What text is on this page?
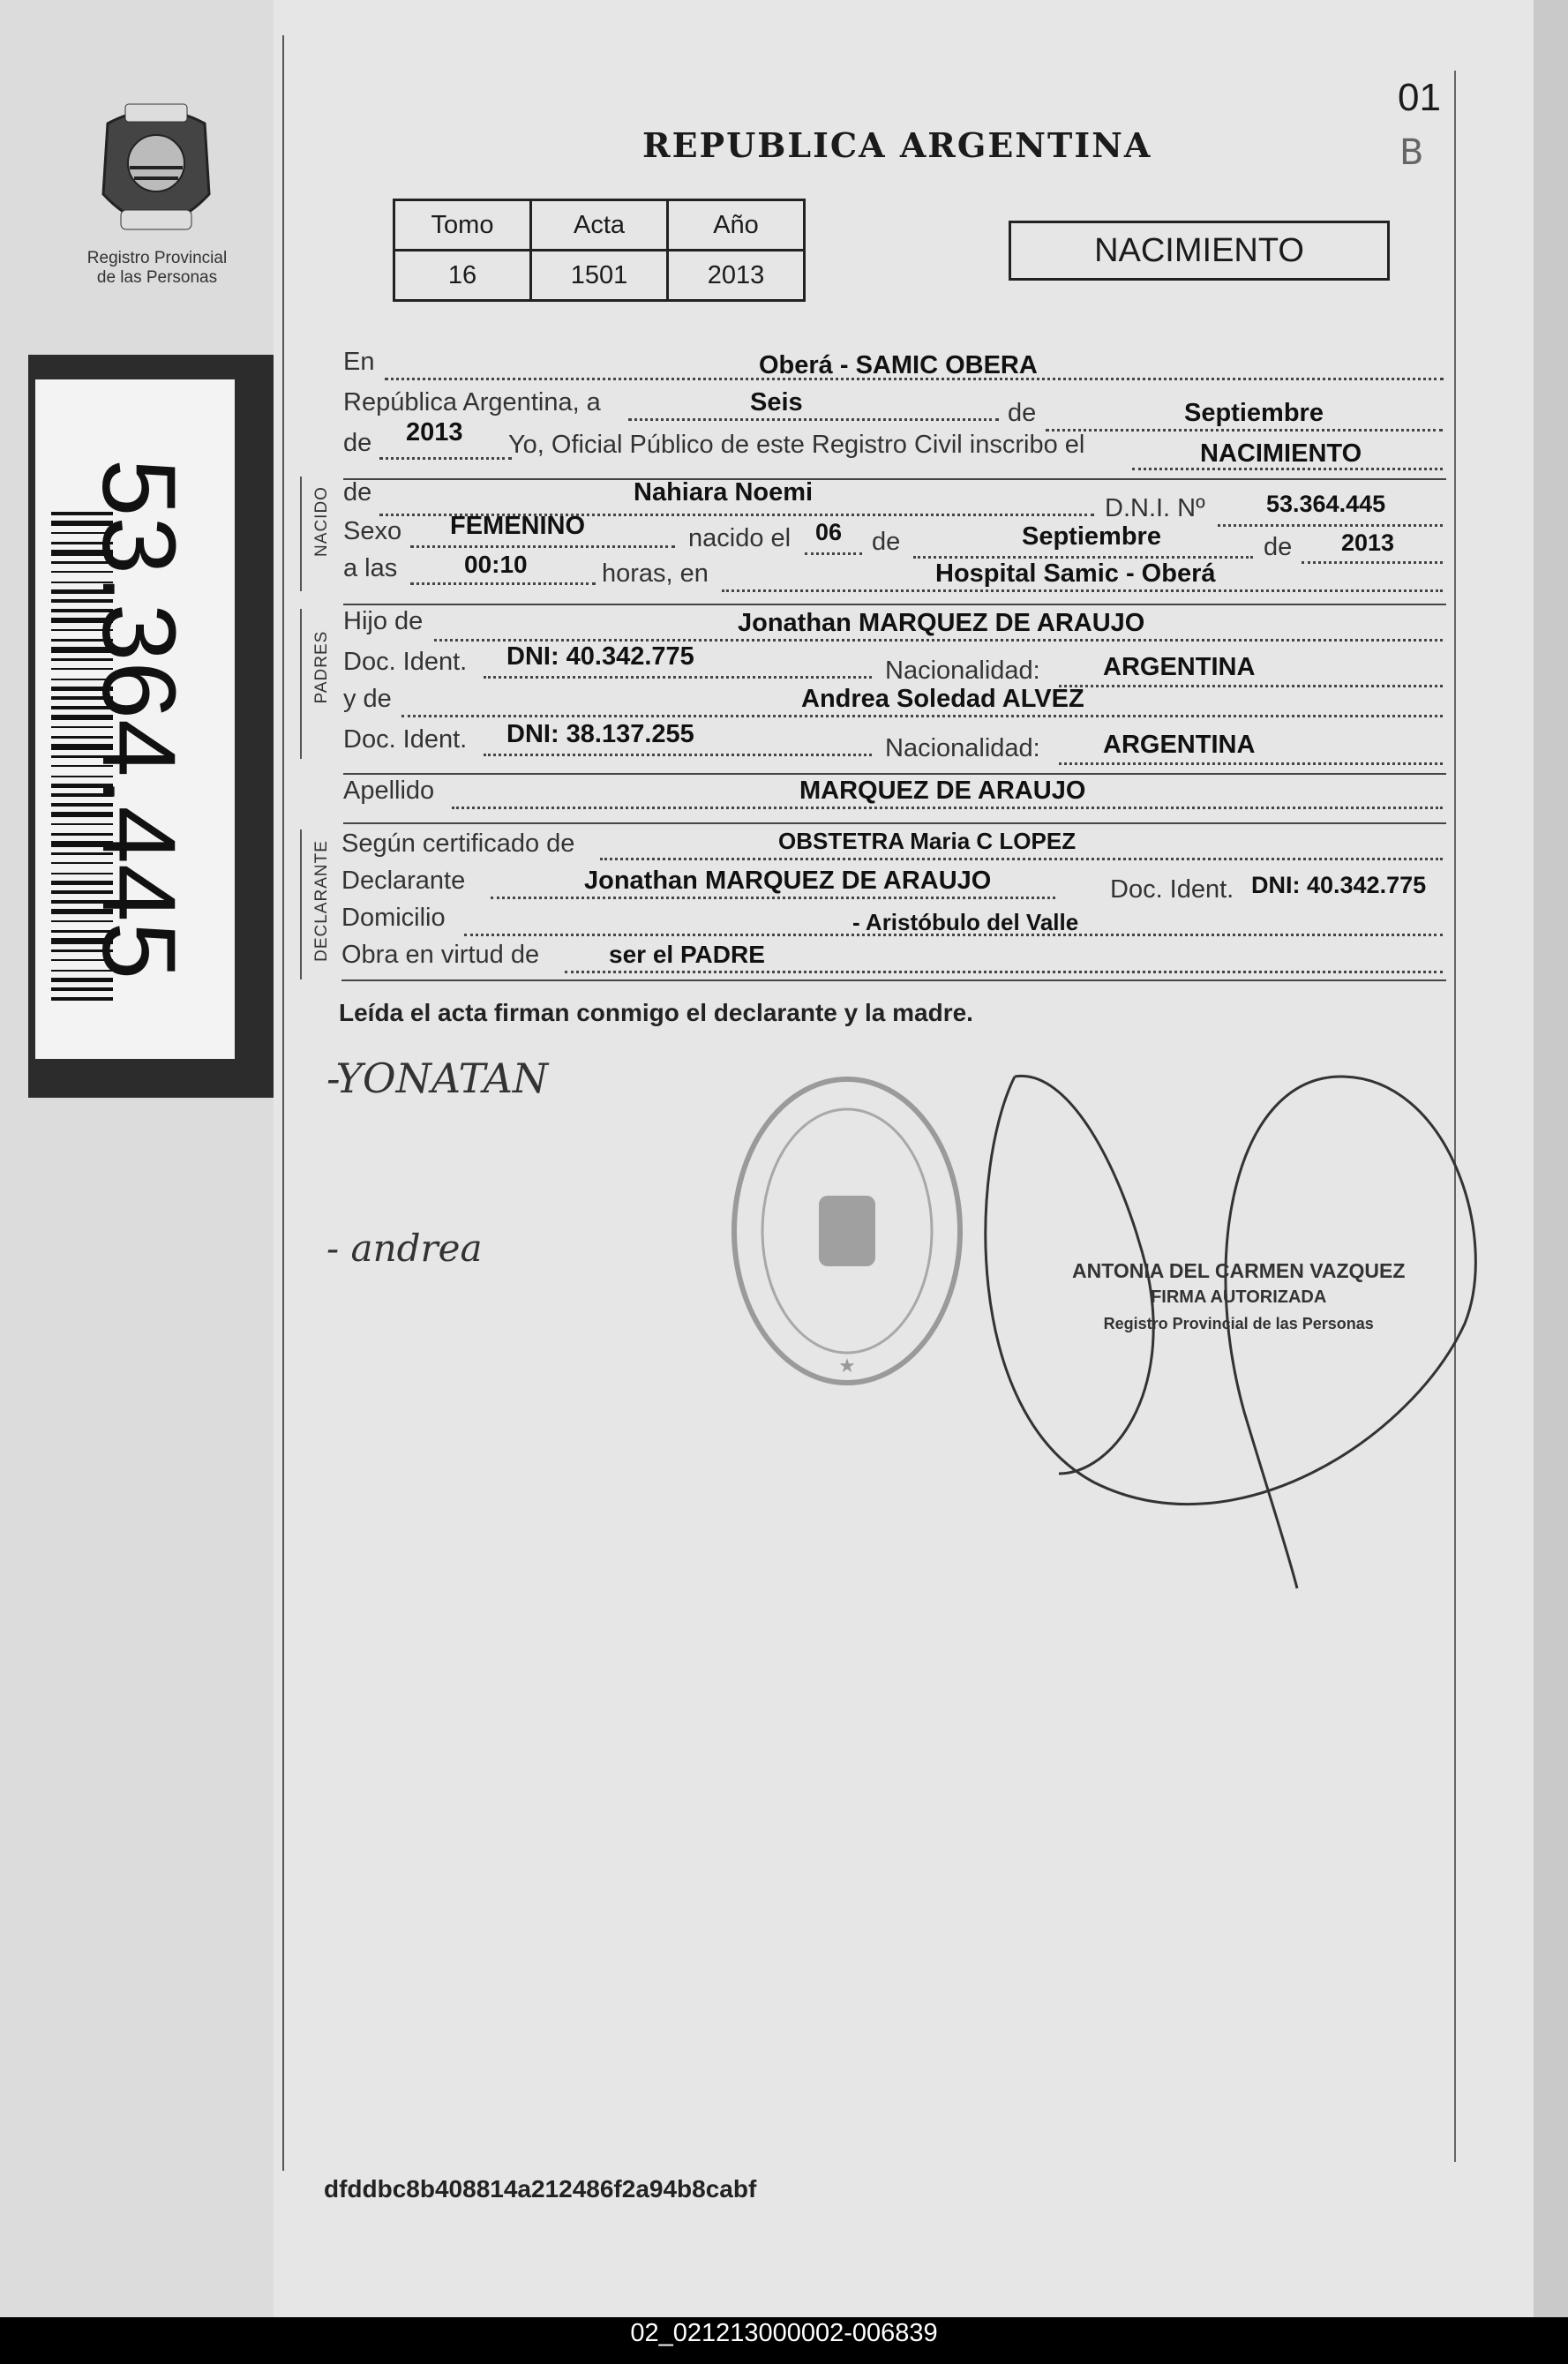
Registro Provincial
de las Personas
53.364.445
REPUBLICA ARGENTINA
01
B
Tomo	Acta	Año
16	1501	2013
NACIMIENTO
NACIDO
PADRES
DECLARANTE
En	Oberá - SAMIC OBERA
República Argentina, a	Seis	de	Septiembre
de 2013 Yo, Oficial Público de este Registro Civil inscribo el	NACIMIENTO
de	Nahiara Noemi
D.N.I. Nº	53.364.445
Sexo FEMENINO	nacido el 06 de	Septiembre	de 2013
a las	00:10	horas, en	Hospital Samic - Oberá
Hijo de	Jonathan MARQUEZ DE ARAUJO
Doc. Ident. DNI: 40.342.775	Nacionalidad: ARGENTINA
y de	Andrea Soledad ALVEZ
Doc. Ident. DNI: 38.137.255	Nacionalidad: ARGENTINA
Apellido	MARQUEZ DE ARAUJO
Según certificado de	OBSTETRA Maria C LOPEZ
Declarante	Jonathan MARQUEZ DE ARAUJO	Doc. Ident. DNI: 40.342.775
Domicilio	- Aristóbulo del Valle
Obra en virtud de	ser el PADRE
Leída el acta firman conmigo el declarante y la madre.
-YONATAN
- andrea
★
ANTONIA DEL CARMEN VAZQUEZ
FIRMA AUTORIZADA
Registro Provincial de las Personas
dfddbc8b408814a212486f2a94b8cabf
02_021213000002-006839
